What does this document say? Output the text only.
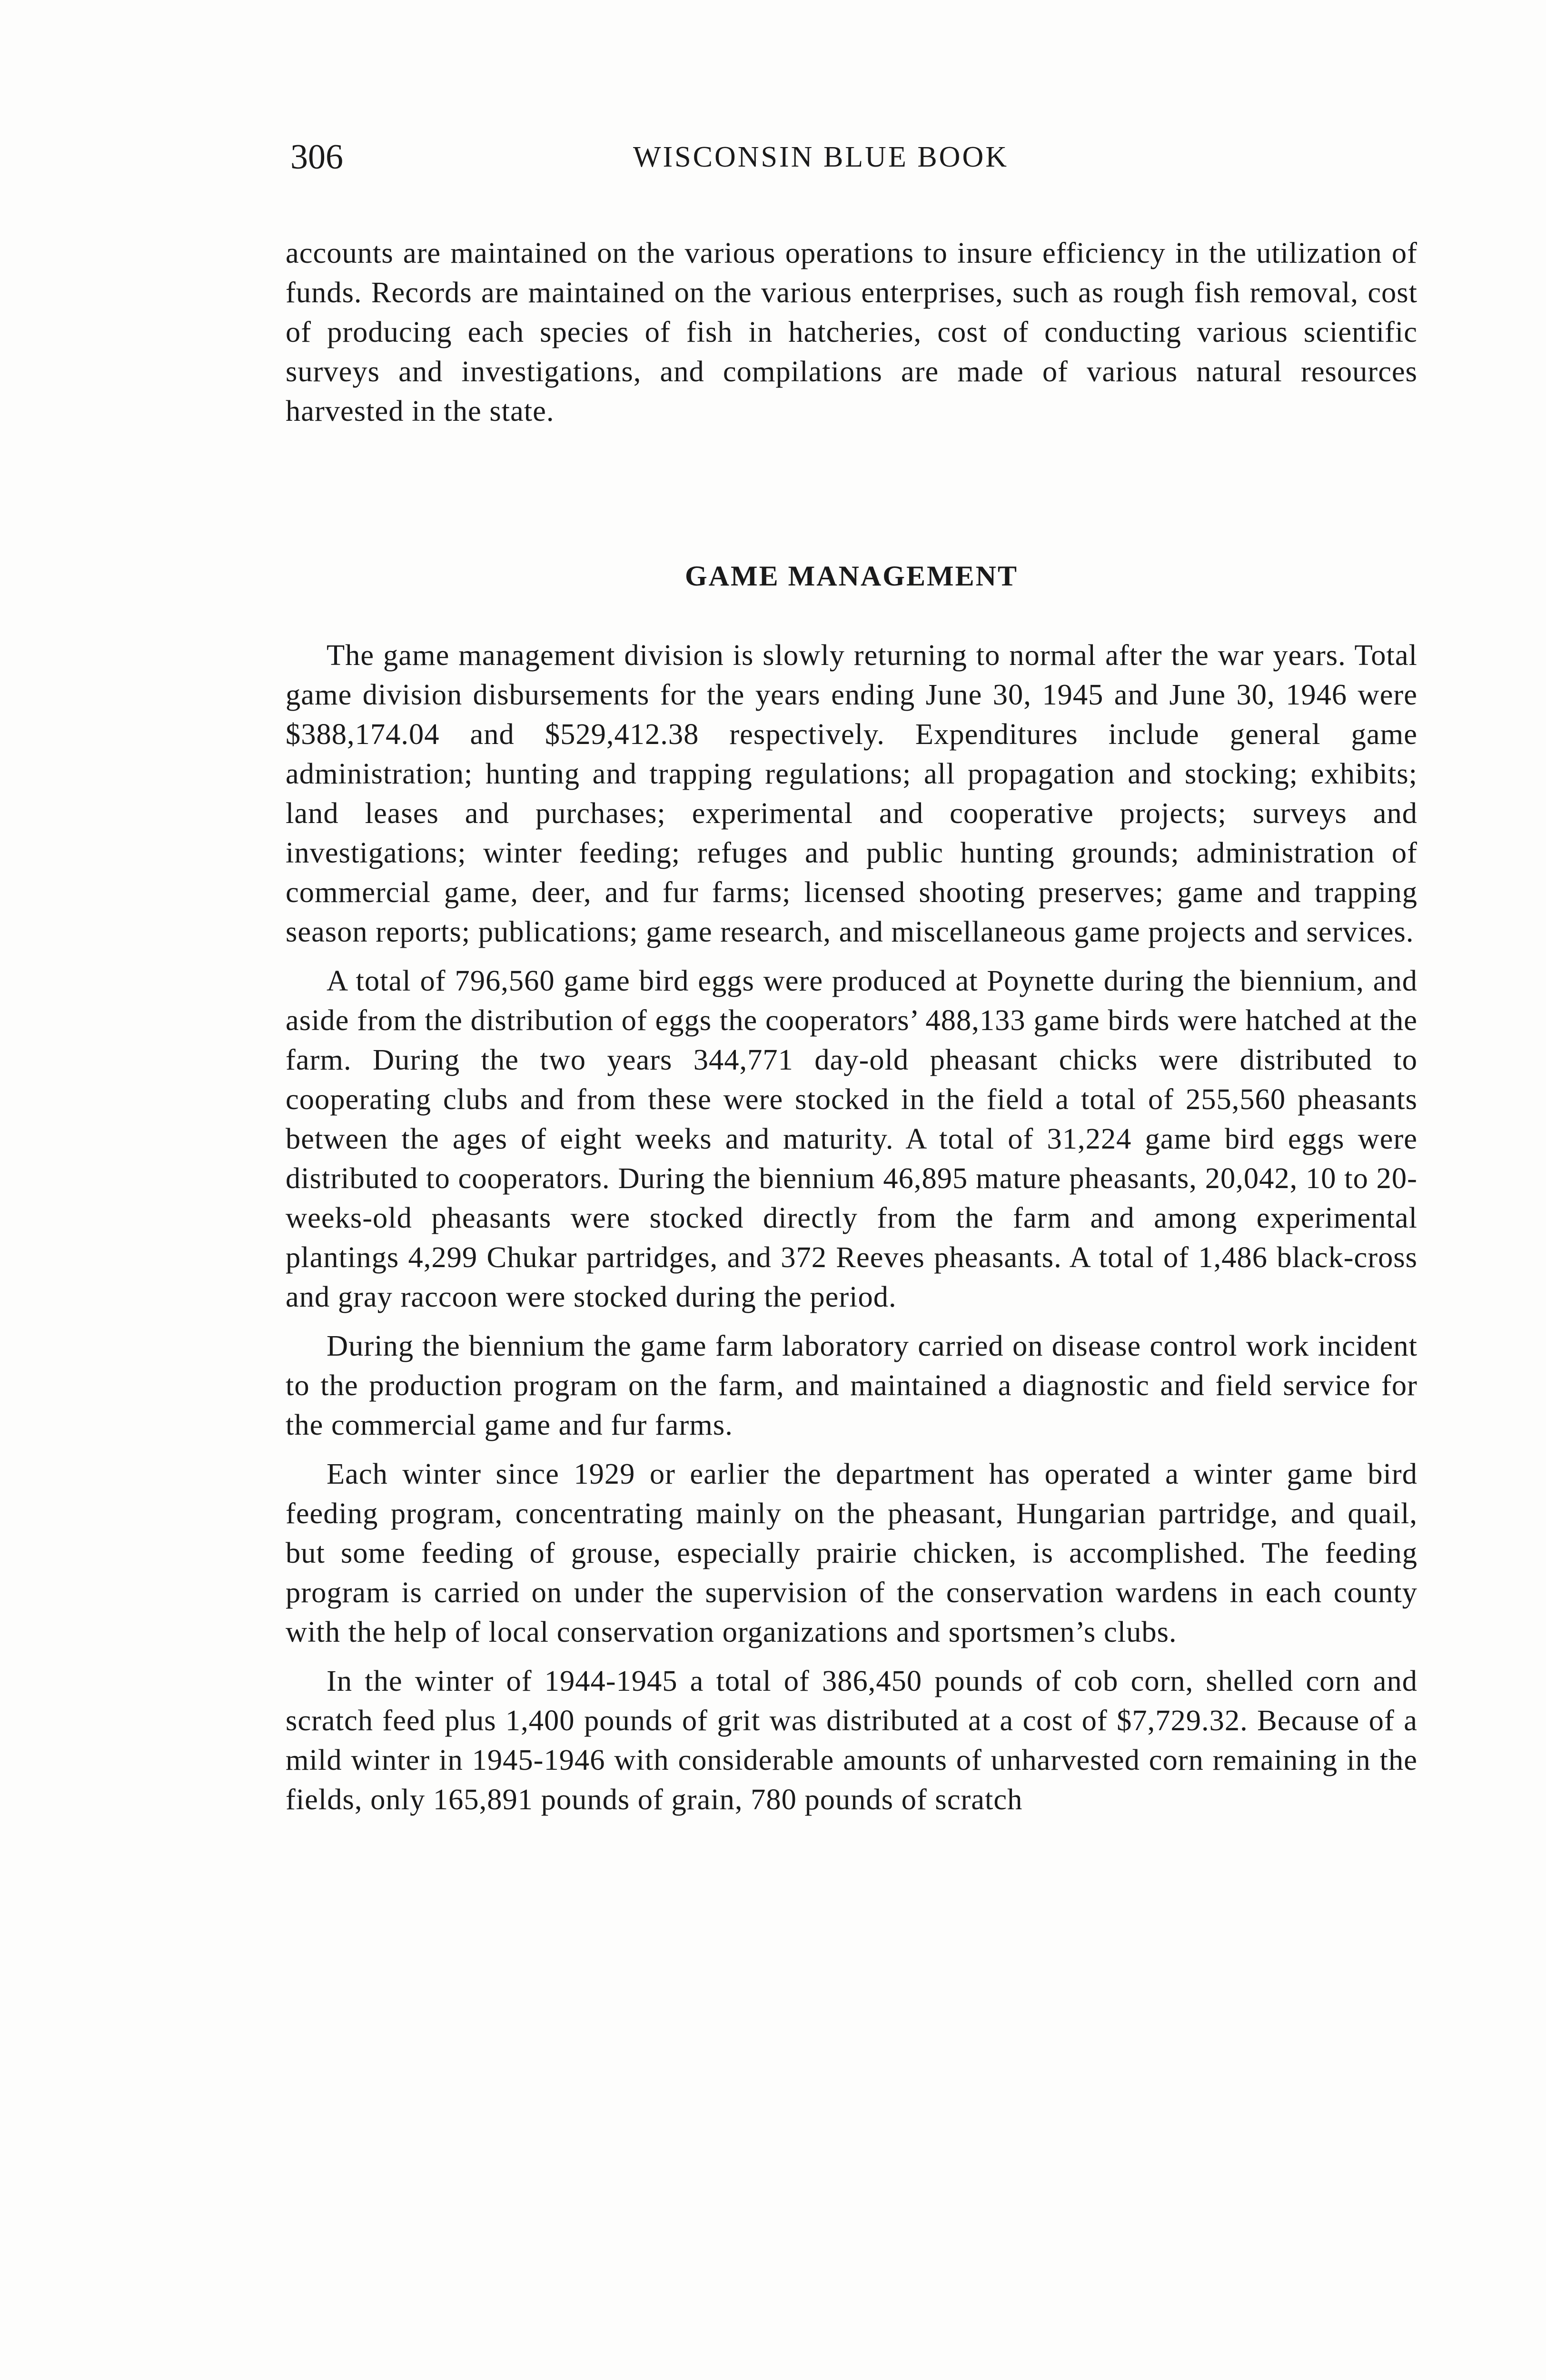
306	WISCONSIN BLUE BOOK

accounts are maintained on the various operations to insure efficiency in the utilization of funds. Records are maintained on the various enterprises, such as rough fish removal, cost of producing each species of fish in hatcheries, cost of conducting various scientific surveys and investigations, and compilations are made of various natural resources harvested in the state.

GAME MANAGEMENT

The game management division is slowly returning to normal after the war years. Total game division disbursements for the years ending June 30, 1945 and June 30, 1946 were $388,174.04 and $529,412.38 respectively. Expenditures include general game administration; hunting and trapping regulations; all propagation and stocking; exhibits; land leases and purchases; experimental and cooperative projects; surveys and investigations; winter feeding; refuges and public hunting grounds; administration of commercial game, deer, and fur farms; licensed shooting preserves; game and trapping season reports; publications; game research, and miscellaneous game projects and services.

A total of 796,560 game bird eggs were produced at Poynette during the biennium, and aside from the distribution of eggs the cooperators’ 488,133 game birds were hatched at the farm. During the two years 344,771 day-old pheasant chicks were distributed to cooperating clubs and from these were stocked in the field a total of 255,560 pheasants between the ages of eight weeks and maturity. A total of 31,224 game bird eggs were distributed to cooperators. During the biennium 46,895 mature pheasants, 20,042, 10 to 20-weeks-old pheasants were stocked directly from the farm and among experimental plantings 4,299 Chukar partridges, and 372 Reeves pheasants. A total of 1,486 black-cross and gray raccoon were stocked during the period.

During the biennium the game farm laboratory carried on disease control work incident to the production program on the farm, and maintained a diagnostic and field service for the commercial game and fur farms.

Each winter since 1929 or earlier the department has operated a winter game bird feeding program, concentrating mainly on the pheasant, Hungarian partridge, and quail, but some feeding of grouse, especially prairie chicken, is accomplished. The feeding program is carried on under the supervision of the conservation wardens in each county with the help of local conservation organizations and sportsmen’s clubs.

In the winter of 1944-1945 a total of 386,450 pounds of cob corn, shelled corn and scratch feed plus 1,400 pounds of grit was distributed at a cost of $7,729.32. Because of a mild winter in 1945-1946 with considerable amounts of unharvested corn remaining in the fields, only 165,891 pounds of grain, 780 pounds of scratch
